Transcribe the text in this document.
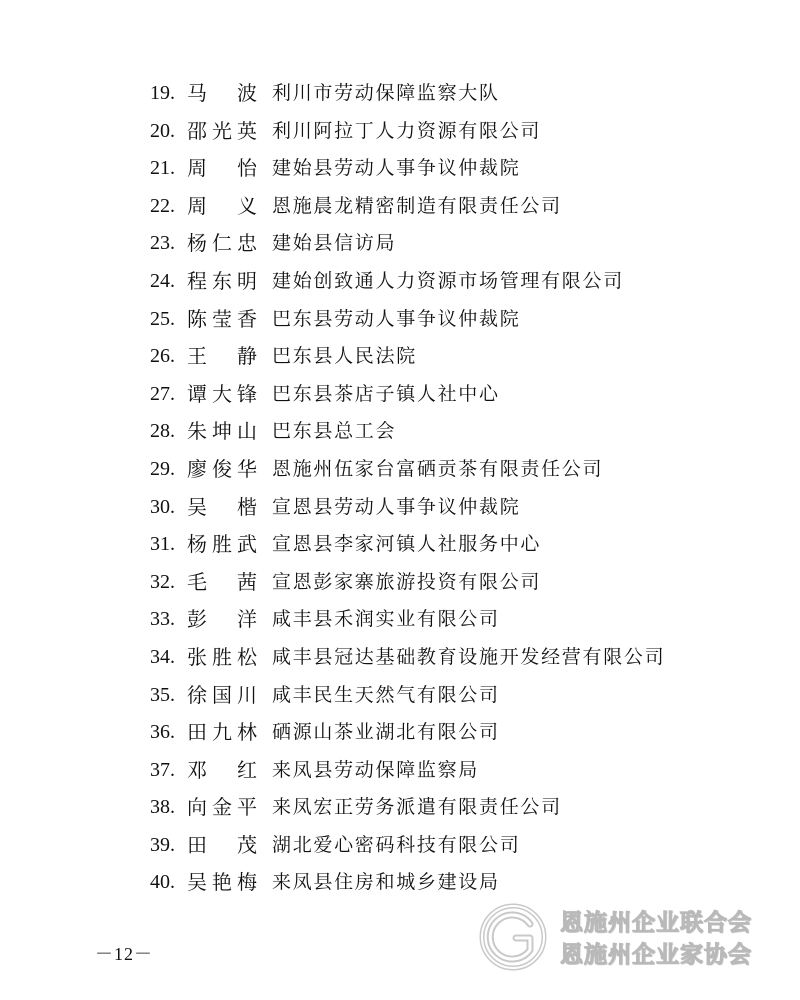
19. 马 波 利川市劳动保障监察大队
20. 邵 光 英 利川阿拉丁人力资源有限公司
21. 周 怡 建始县劳动人事争议仲裁院
22. 周 义 恩施晨龙精密制造有限责任公司
23. 杨 仁 忠 建始县信访局
24. 程 东 明 建始创致通人力资源市场管理有限公司
25. 陈 莹 香 巴东县劳动人事争议仲裁院
26. 王 静 巴东县人民法院
27. 谭 大 锋 巴东县茶店子镇人社中心
28. 朱 坤 山 巴东县总工会
29. 廖 俊 华 恩施州伍家台富硒贡茶有限责任公司
30. 吴 楷 宣恩县劳动人事争议仲裁院
31. 杨 胜 武 宣恩县李家河镇人社服务中心
32. 毛 茜 宣恩彭家寨旅游投资有限公司
33. 彭 洋 咸丰县禾润实业有限公司
34. 张 胜 松 咸丰县冠达基础教育设施开发经营有限公司
35. 徐 国 川 咸丰民生天然气有限公司
36. 田 九 林 硒源山茶业湖北有限公司
37. 邓 红 来凤县劳动保障监察局
38. 向 金 平 来凤宏正劳务派遣有限责任公司
39. 田 茂 湖北爱心密码科技有限公司
40. 吴 艳 梅 来凤县住房和城乡建设局
－12－
恩施州企业联合会
恩施州企业家协会
